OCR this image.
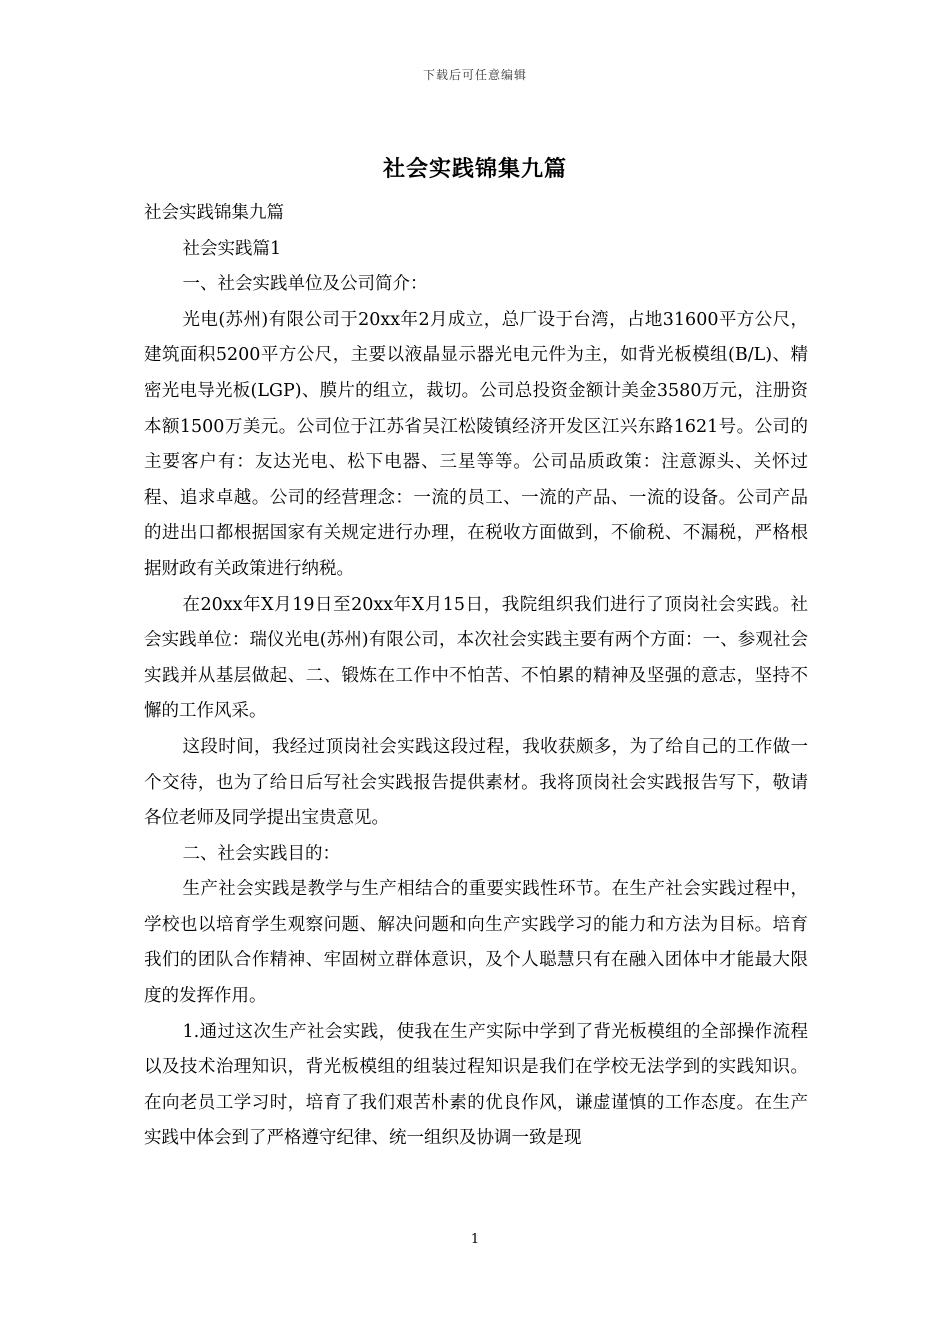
下载后可任意编辑
社会实践锦集九篇

社会实践锦集九篇

社会实践篇1

一、社会实践单位及公司简介：

光电(苏州)有限公司于20xx年2月成立，总厂设于台湾，占地31600平方公尺，建筑面积5200平方公尺，主要以液晶显示器光电元件为主，如背光板模组(B/L)、精密光电导光板(LGP)、膜片的组立，裁切。公司总投资金额计美金3580万元，注册资本额1500万美元。公司位于江苏省吴江松陵镇经济开发区江兴东路1621号。公司的主要客户有：友达光电、松下电器、三星等等。公司品质政策：注意源头、关怀过程、追求卓越。公司的经营理念：一流的员工、一流的产品、一流的设备。公司产品的进出口都根据国家有关规定进行办理，在税收方面做到，不偷税、不漏税，严格根据财政有关政策进行纳税。

在20xx年X月19日至20xx年X月15日，我院组织我们进行了顶岗社会实践。社会实践单位：瑞仪光电(苏州)有限公司，本次社会实践主要有两个方面：一、参观社会实践并从基层做起、二、锻炼在工作中不怕苦、不怕累的精神及坚强的意志，坚持不懈的工作风采。

这段时间，我经过顶岗社会实践这段过程，我收获颇多，为了给自己的工作做一个交待，也为了给日后写社会实践报告提供素材。我将顶岗社会实践报告写下，敬请各位老师及同学提出宝贵意见。

二、社会实践目的：

生产社会实践是教学与生产相结合的重要实践性环节。在生产社会实践过程中，学校也以培育学生观察问题、解决问题和向生产实践学习的能力和方法为目标。培育我们的团队合作精神、牢固树立群体意识，及个人聪慧只有在融入团体中才能最大限度的发挥作用。

1.通过这次生产社会实践，使我在生产实际中学到了背光板模组的全部操作流程以及技术治理知识，背光板模组的组装过程知识是我们在学校无法学到的实践知识。在向老员工学习时，培育了我们艰苦朴素的优良作风，谦虚谨慎的工作态度。在生产实践中体会到了严格遵守纪律、统一组织及协调一致是现

1
